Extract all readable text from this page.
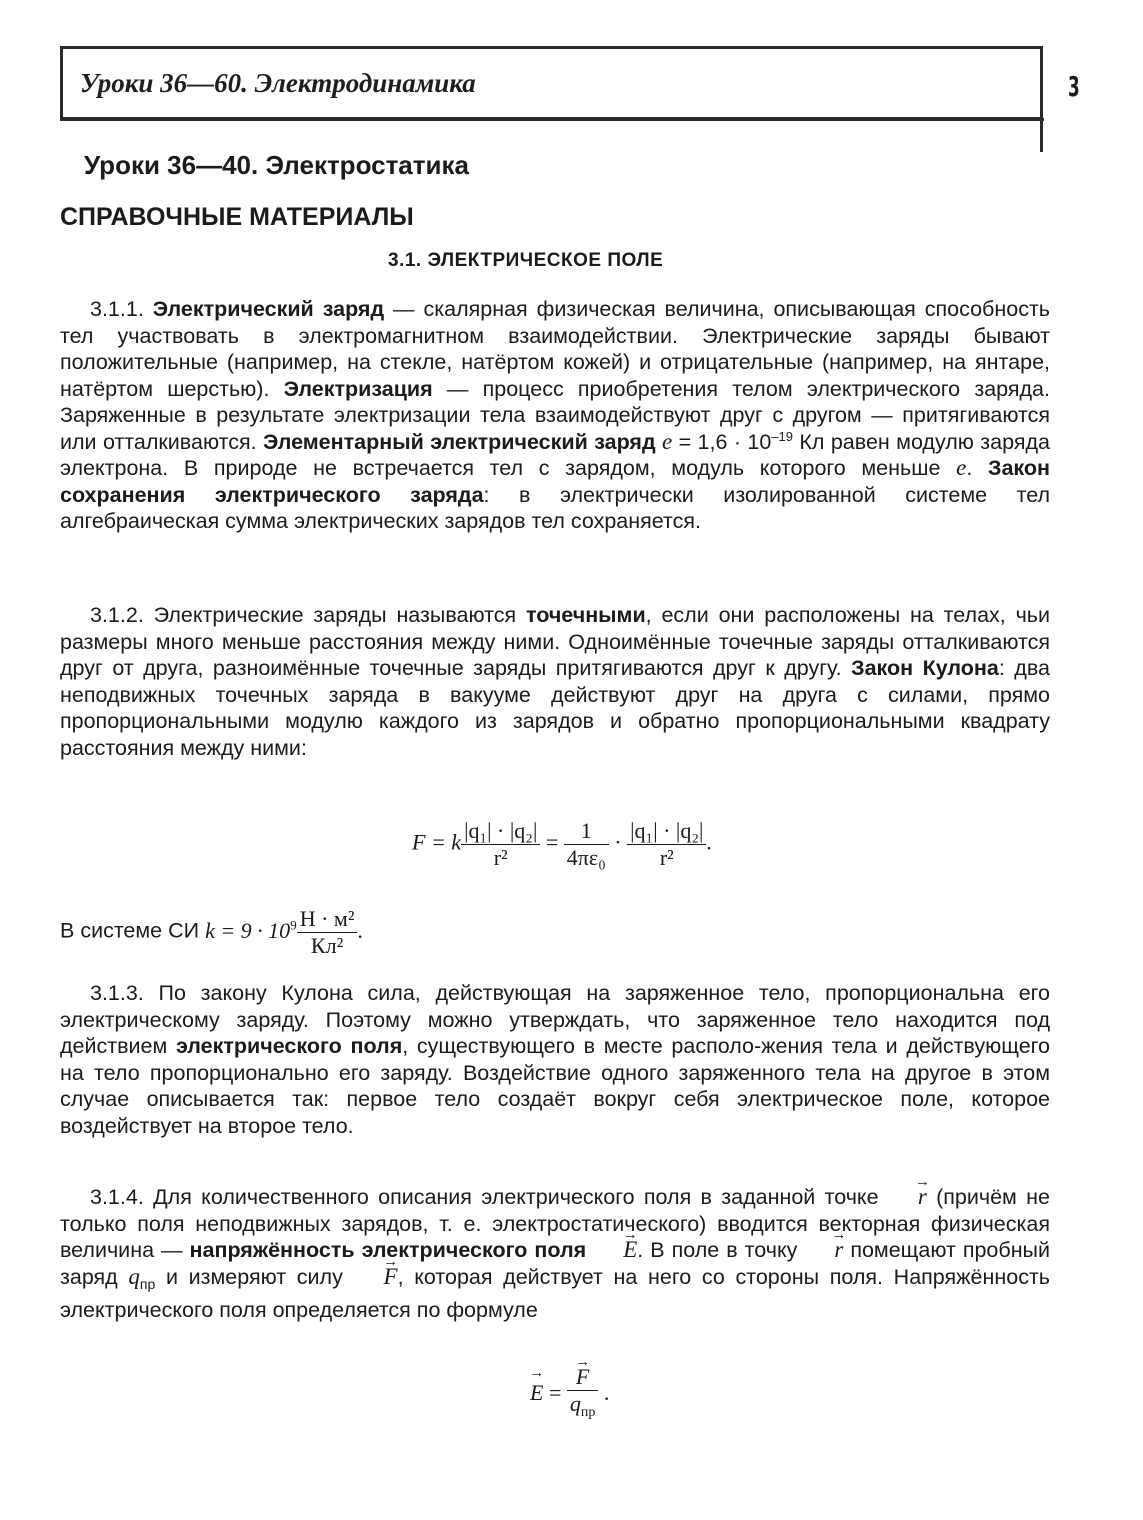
Уроки 36—60. Электродинамика	3
Уроки 36—40. Электростатика
СПРАВОЧНЫЕ МАТЕРИАЛЫ
3.1. ЭЛЕКТРИЧЕСКОЕ ПОЛЕ

3.1.1. Электрический заряд — скалярная физическая величина, описывающая способность тел участвовать в электромагнитном взаимодействии. Электрические заряды бывают положительные (например, на стекле, натёртом кожей) и отрицательные (например, на янтаре, натёртом шерстью). Электризация — процесс приобретения телом электрического заряда. Заряженные в результате электризации тела взаимодействуют друг с другом — притягиваются или отталкиваются. Элементарный электрический заряд $e = 1,6 \cdot 10^{-19}$ Кл равен модулю заряда электрона. В природе не встречается тел с зарядом, модуль которого меньше e. Закон сохранения электрического заряда: в электрически изолированной системе тел алгебраическая сумма электрических зарядов тел сохраняется.

3.1.2. Электрические заряды называются точечными, если они расположены на телах, чьи размеры много меньше расстояния между ними. Одноимённые точечные заряды отталкиваются друг от друга, разноимённые точечные заряды притягиваются друг к другу. Закон Кулона: два неподвижных точечных заряда в вакууме действуют друг на друга с силами, прямо пропорциональными модулю каждого из зарядов и обратно пропорциональными квадрату расстояния между ними:

F = k $\frac{\text{|q₁| · |q₂|}}{\text{r²}} = \frac{1}{\text{4πε₀}} \cdot \frac{\text{|q₁| · |q₂|}}{\text{r²}}$ .
В системе СИ $k = 9 \cdot 10^9 \frac{\text{Н · м²}}{\text{Кл²}}$ .

3.1.3. По закону Кулона сила, действующая на заряженное тело, пропорциональна его электрическому заряду. Поэтому можно утверждать, что заряженное тело находится под действием электрического поля, существующего в месте располо-жения тела и действующего на тело пропорционально его заряду. Воздействие одного заряженного тела на другое в этом случае описывается так: первое тело создаёт вокруг себя электрическое поле, которое воздействует на второе тело.

3.1.4. Для количественного описания электрического поля в заданной точке → r (причём не только поля неподвижных зарядов, т. е. электростатического) вводится векторная физическая величина — напряжённость электрического поля → E. В поле в точку → r помещают пробный заряд $q_{пр}$ и измеряют силу → F, которая действует на него со стороны поля. Напряжённость электрического поля определяется по формуле

→ E = → $\frac{F}{q_{пр}}$ .
